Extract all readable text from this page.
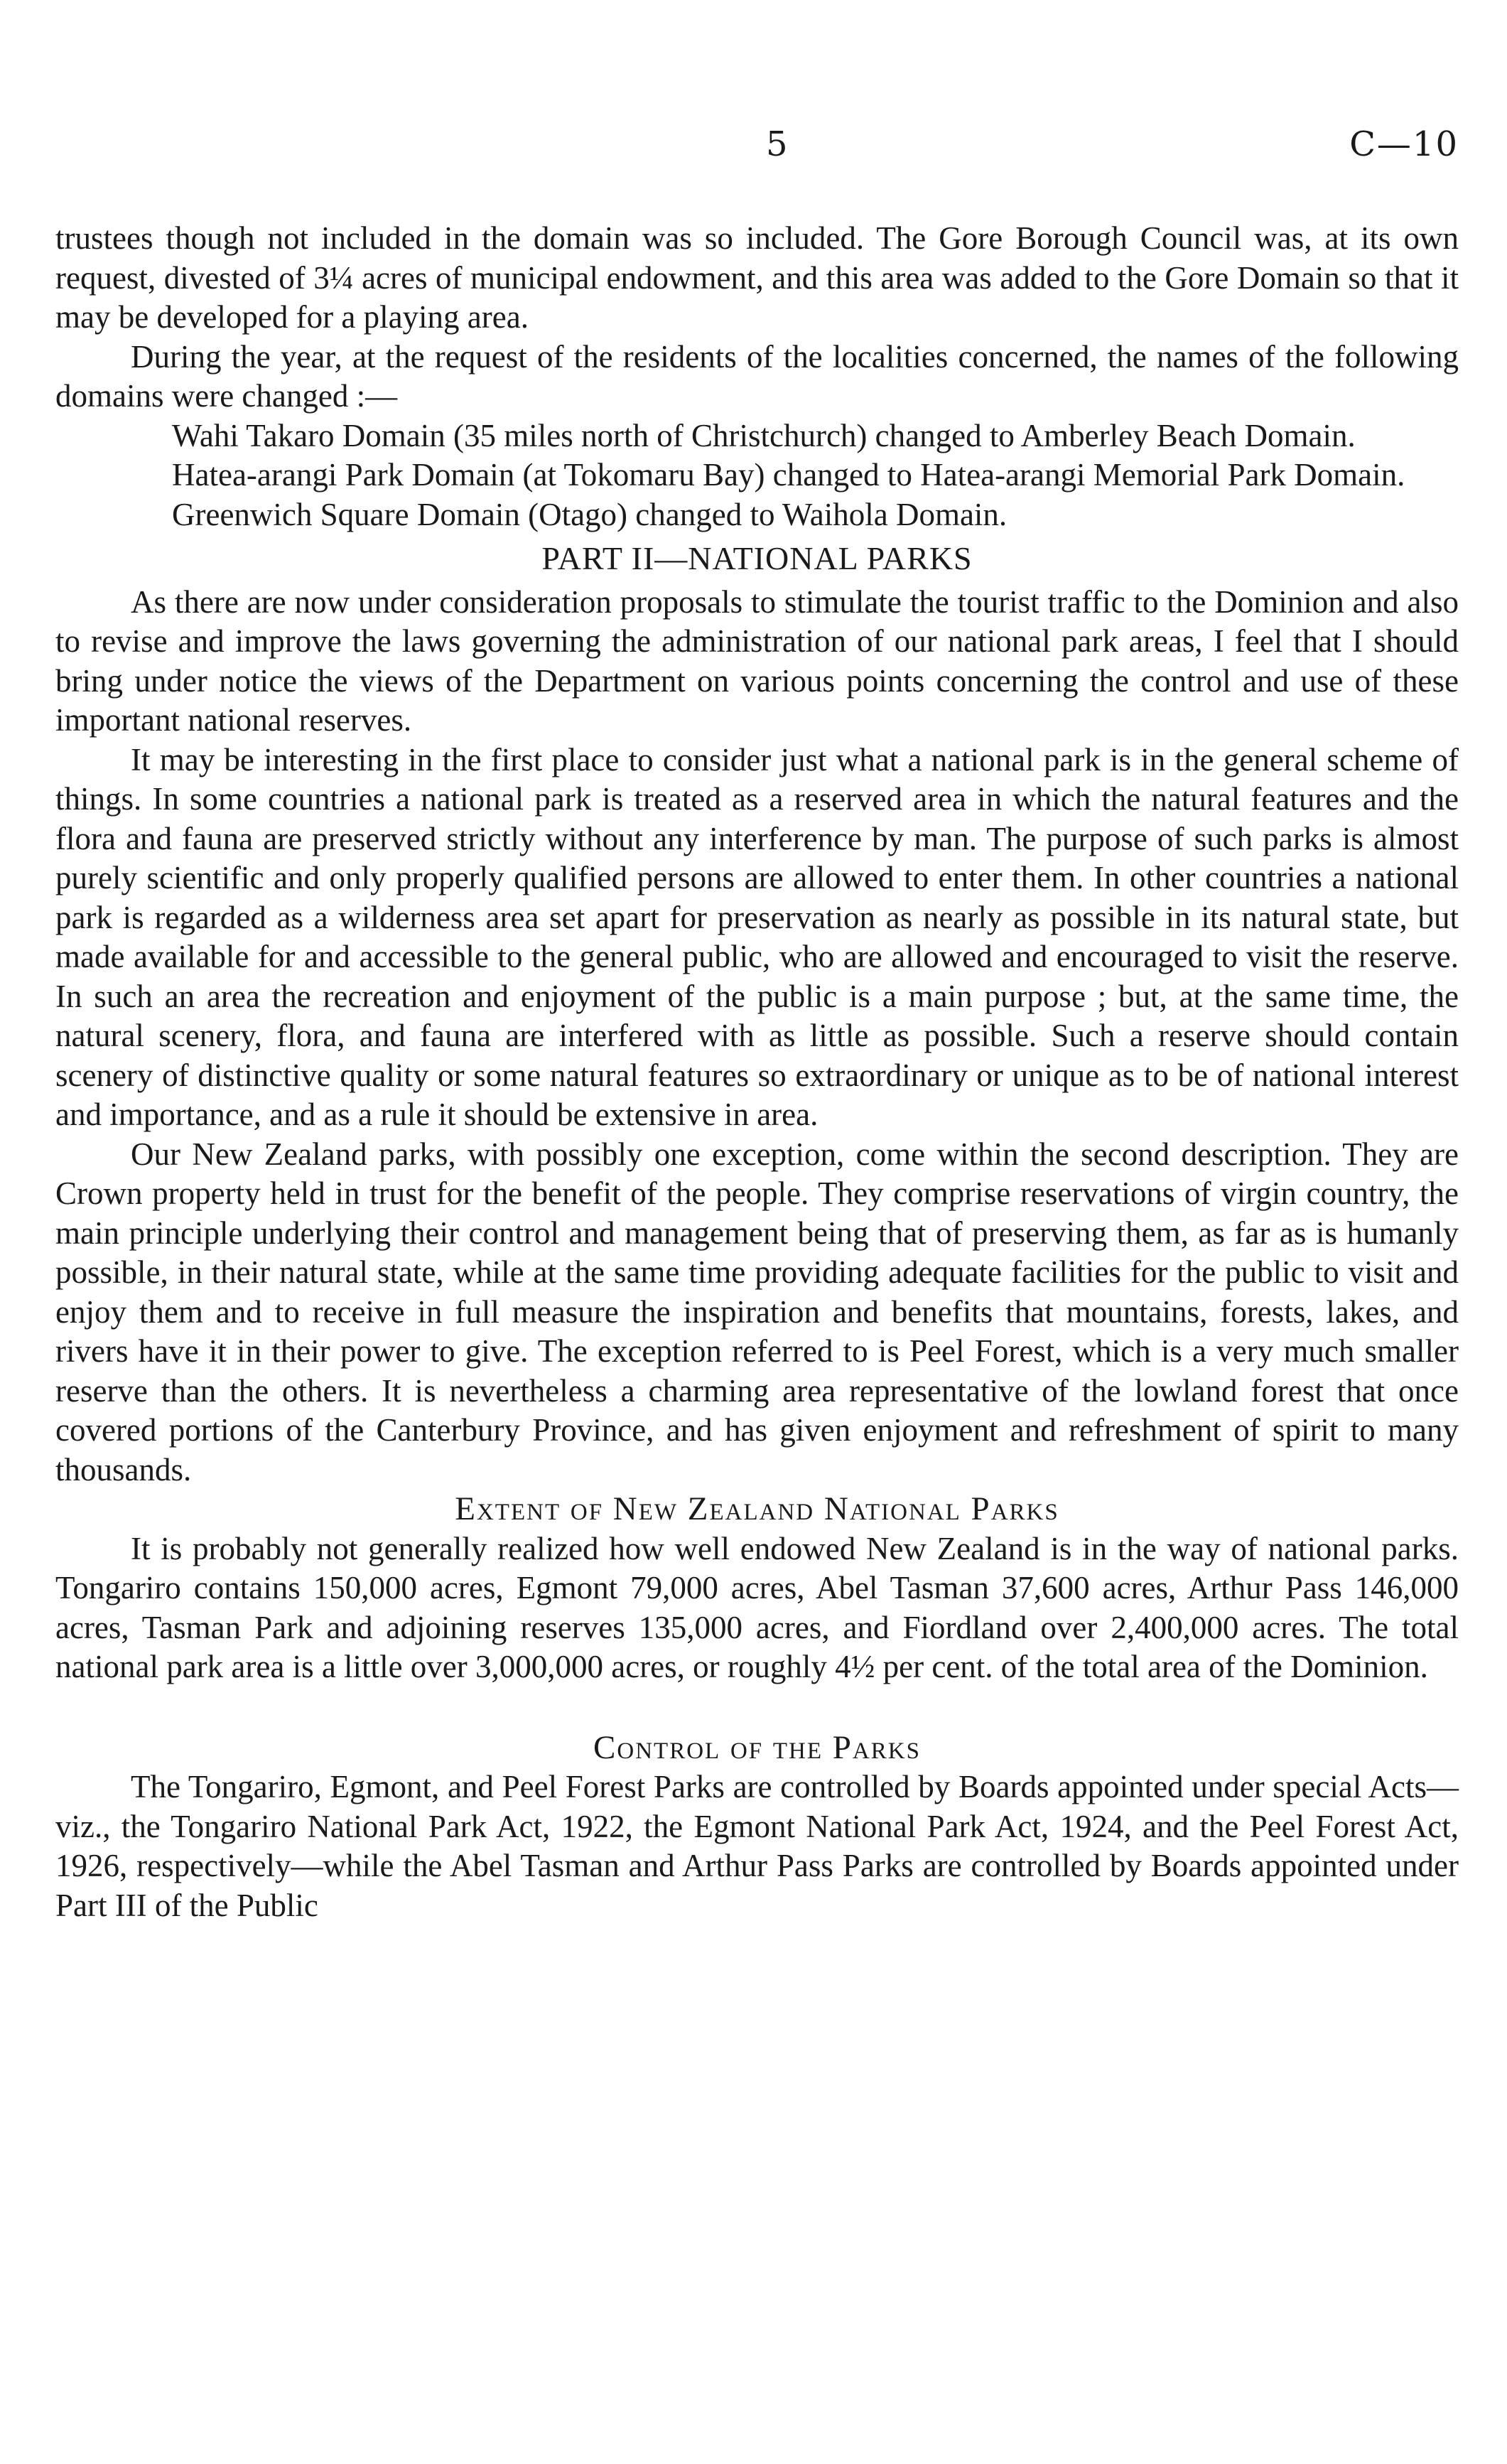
5	C—10

trustees though not included in the domain was so included. The Gore Borough Council was, at its own request, divested of 3¼ acres of municipal endowment, and this area was added to the Gore Domain so that it may be developed for a playing area.

During the year, at the request of the residents of the localities concerned, the names of the following domains were changed :—

Wahi Takaro Domain (35 miles north of Christchurch) changed to Amberley Beach Domain.

Hatea-arangi Park Domain (at Tokomaru Bay) changed to Hatea-arangi Memorial Park Domain.

Greenwich Square Domain (Otago) changed to Waihola Domain.

PART II—NATIONAL PARKS

As there are now under consideration proposals to stimulate the tourist traffic to the Dominion and also to revise and improve the laws governing the administration of our national park areas, I feel that I should bring under notice the views of the Department on various points concerning the control and use of these important national reserves.

It may be interesting in the first place to consider just what a national park is in the general scheme of things. In some countries a national park is treated as a reserved area in which the natural features and the flora and fauna are preserved strictly without any interference by man. The purpose of such parks is almost purely scientific and only properly qualified persons are allowed to enter them. In other countries a national park is regarded as a wilderness area set apart for preservation as nearly as possible in its natural state, but made available for and accessible to the general public, who are allowed and encouraged to visit the reserve. In such an area the recreation and enjoyment of the public is a main purpose ; but, at the same time, the natural scenery, flora, and fauna are interfered with as little as possible. Such a reserve should contain scenery of distinctive quality or some natural features so extraordinary or unique as to be of national interest and importance, and as a rule it should be extensive in area.

Our New Zealand parks, with possibly one exception, come within the second description. They are Crown property held in trust for the benefit of the people. They comprise reservations of virgin country, the main principle underlying their control and management being that of preserving them, as far as is humanly possible, in their natural state, while at the same time providing adequate facilities for the public to visit and enjoy them and to receive in full measure the inspiration and benefits that mountains, forests, lakes, and rivers have it in their power to give. The exception referred to is Peel Forest, which is a very much smaller reserve than the others. It is nevertheless a charming area representative of the lowland forest that once covered portions of the Canterbury Province, and has given enjoyment and refreshment of spirit to many thousands.

Extent of New Zealand National Parks

It is probably not generally realized how well endowed New Zealand is in the way of national parks. Tongariro contains 150,000 acres, Egmont 79,000 acres, Abel Tasman 37,600 acres, Arthur Pass 146,000 acres, Tasman Park and adjoining reserves 135,000 acres, and Fiordland over 2,400,000 acres. The total national park area is a little over 3,000,000 acres, or roughly 4½ per cent. of the total area of the Dominion.

Control of the Parks

The Tongariro, Egmont, and Peel Forest Parks are controlled by Boards appointed under special Acts—viz., the Tongariro National Park Act, 1922, the Egmont National Park Act, 1924, and the Peel Forest Act, 1926, respectively—while the Abel Tasman and Arthur Pass Parks are controlled by Boards appointed under Part III of the Public
